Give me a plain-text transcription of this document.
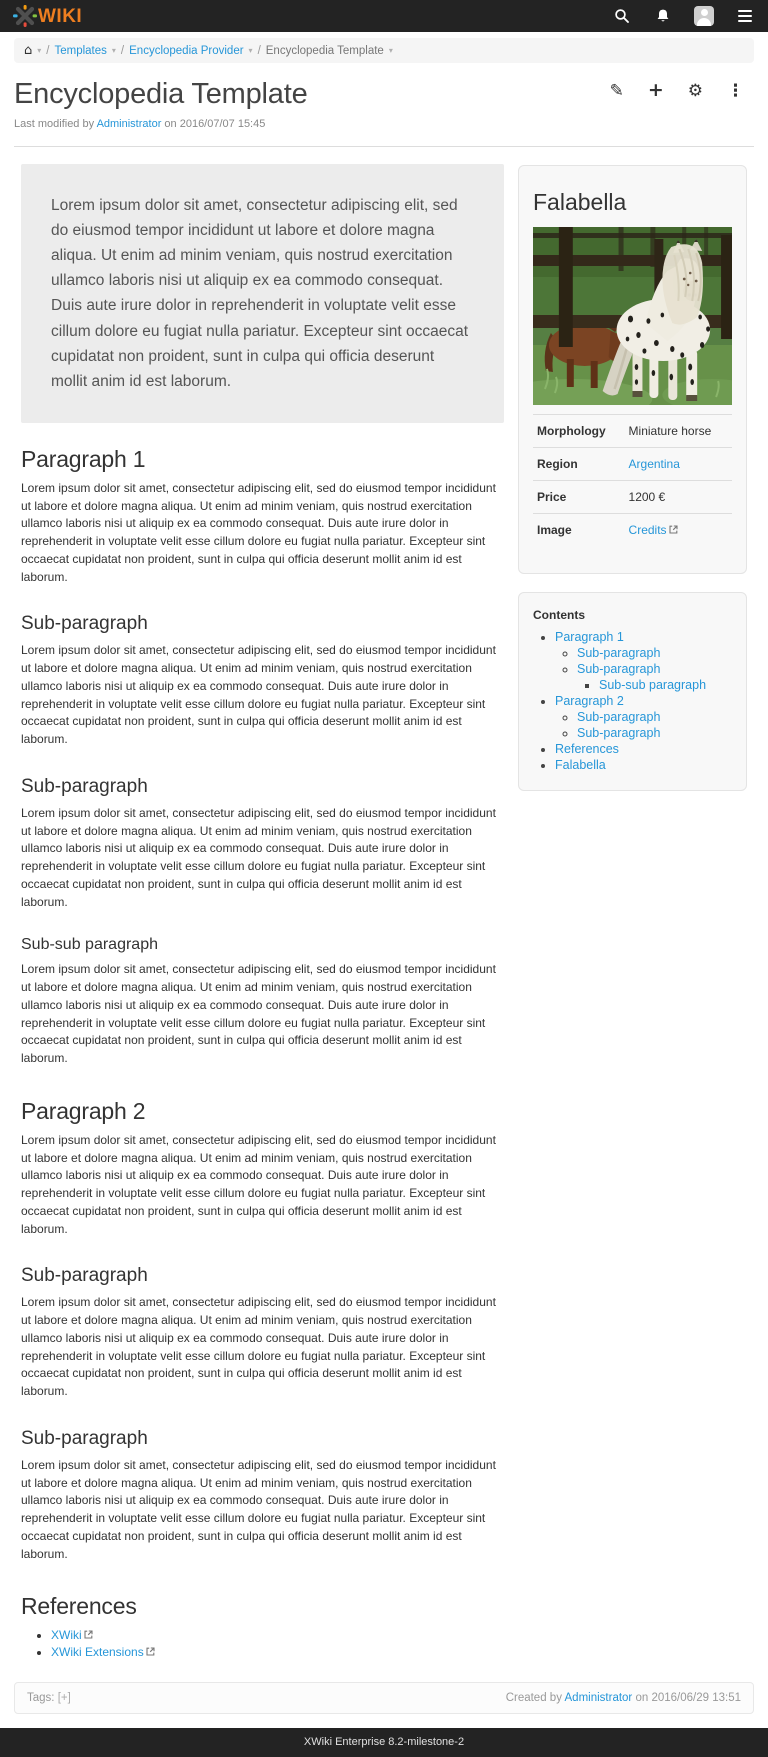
WIKI
⌂ ▾ / Templates ▾ / Encyclopedia Provider ▾ / Encyclopedia Template ▾
Encyclopedia Template
Last modified by Administrator on 2016/07/07 15:45
✎ + ⚙ ⋮
Lorem ipsum dolor sit amet, consectetur adipiscing elit, sed do eiusmod tempor incididunt ut labore et dolore magna aliqua. Ut enim ad minim veniam, quis nostrud exercitation ullamco laboris nisi ut aliquip ex ea commodo consequat. Duis aute irure dolor in reprehenderit in voluptate velit esse cillum dolore eu fugiat nulla pariatur. Excepteur sint occaecat cupidatat non proident, sunt in culpa qui officia deserunt mollit anim id est laborum.
Paragraph 1

Lorem ipsum dolor sit amet, consectetur adipiscing elit, sed do eiusmod tempor incididunt ut labore et dolore magna aliqua. Ut enim ad minim veniam, quis nostrud exercitation ullamco laboris nisi ut aliquip ex ea commodo consequat. Duis aute irure dolor in reprehenderit in voluptate velit esse cillum dolore eu fugiat nulla pariatur. Excepteur sint occaecat cupidatat non proident, sunt in culpa qui officia deserunt mollit anim id est laborum.

Sub-paragraph

Lorem ipsum dolor sit amet, consectetur adipiscing elit, sed do eiusmod tempor incididunt ut labore et dolore magna aliqua. Ut enim ad minim veniam, quis nostrud exercitation ullamco laboris nisi ut aliquip ex ea commodo consequat. Duis aute irure dolor in reprehenderit in voluptate velit esse cillum dolore eu fugiat nulla pariatur. Excepteur sint occaecat cupidatat non proident, sunt in culpa qui officia deserunt mollit anim id est laborum.

Sub-paragraph

Lorem ipsum dolor sit amet, consectetur adipiscing elit, sed do eiusmod tempor incididunt ut labore et dolore magna aliqua. Ut enim ad minim veniam, quis nostrud exercitation ullamco laboris nisi ut aliquip ex ea commodo consequat. Duis aute irure dolor in reprehenderit in voluptate velit esse cillum dolore eu fugiat nulla pariatur. Excepteur sint occaecat cupidatat non proident, sunt in culpa qui officia deserunt mollit anim id est laborum.

Sub-sub paragraph

Lorem ipsum dolor sit amet, consectetur adipiscing elit, sed do eiusmod tempor incididunt ut labore et dolore magna aliqua. Ut enim ad minim veniam, quis nostrud exercitation ullamco laboris nisi ut aliquip ex ea commodo consequat. Duis aute irure dolor in reprehenderit in voluptate velit esse cillum dolore eu fugiat nulla pariatur. Excepteur sint occaecat cupidatat non proident, sunt in culpa qui officia deserunt mollit anim id est laborum.

Paragraph 2

Lorem ipsum dolor sit amet, consectetur adipiscing elit, sed do eiusmod tempor incididunt ut labore et dolore magna aliqua. Ut enim ad minim veniam, quis nostrud exercitation ullamco laboris nisi ut aliquip ex ea commodo consequat. Duis aute irure dolor in reprehenderit in voluptate velit esse cillum dolore eu fugiat nulla pariatur. Excepteur sint occaecat cupidatat non proident, sunt in culpa qui officia deserunt mollit anim id est laborum.

Sub-paragraph

Lorem ipsum dolor sit amet, consectetur adipiscing elit, sed do eiusmod tempor incididunt ut labore et dolore magna aliqua. Ut enim ad minim veniam, quis nostrud exercitation ullamco laboris nisi ut aliquip ex ea commodo consequat. Duis aute irure dolor in reprehenderit in voluptate velit esse cillum dolore eu fugiat nulla pariatur. Excepteur sint occaecat cupidatat non proident, sunt in culpa qui officia deserunt mollit anim id est laborum.

Sub-paragraph

Lorem ipsum dolor sit amet, consectetur adipiscing elit, sed do eiusmod tempor incididunt ut labore et dolore magna aliqua. Ut enim ad minim veniam, quis nostrud exercitation ullamco laboris nisi ut aliquip ex ea commodo consequat. Duis aute irure dolor in reprehenderit in voluptate velit esse cillum dolore eu fugiat nulla pariatur. Excepteur sint occaecat cupidatat non proident, sunt in culpa qui officia deserunt mollit anim id est laborum.

References
• XWiki
• XWiki Extensions
Falabella
Morphology	Miniature horse
Region	Argentina
Price	1200 €
Image	Credits
Contents
• Paragraph 1
◦ Sub-paragraph
◦ Sub-paragraph
▪ Sub-sub paragraph
• Paragraph 2
◦ Sub-paragraph
◦ Sub-paragraph
• References
• Falabella
Tags: [+]	Created by Administrator on 2016/06/29 13:51
XWiki Enterprise 8.2-milestone-2
